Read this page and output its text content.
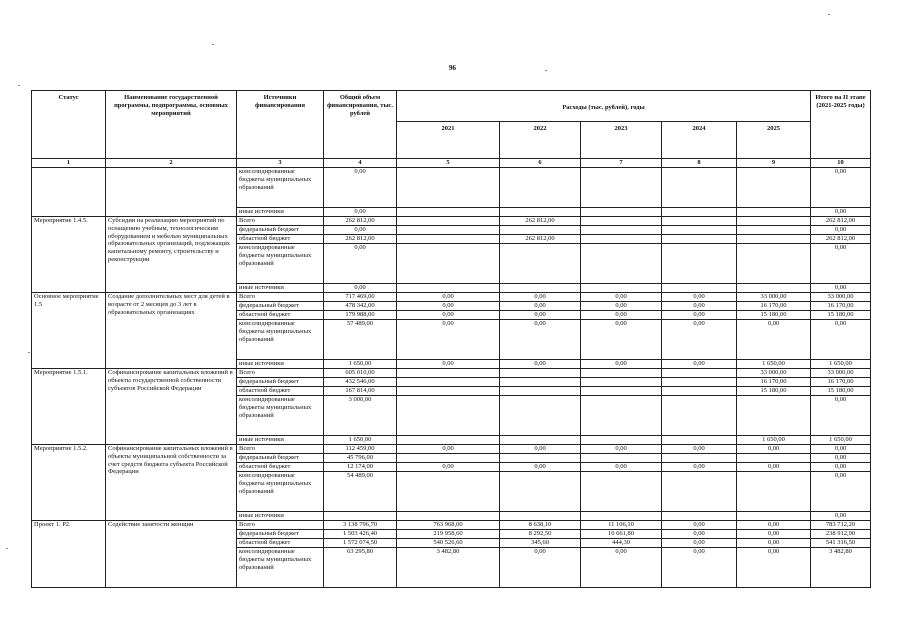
96
Статус	Наименование государственной программы, подпрограммы, основных мероприятий	Источники финансирования	Общий объем финансирования, тыс. рублей	Расходы (тыс. рублей), годы					Итого на II этапе (2021-2025 годы)
				2021	2022	2023	2024	2025	
1	2	3	4	5	6	7	8	9	10
		консолидированные бюджеты муниципальных образований	0,00						0,00
		иные источники	0,00						0,00
Мероприятие 1.4.5.	Субсидии на реализацию мероприятий по оснащению учебным, технологическим оборудованием и мебелью муниципальных образовательных организаций, подлежащих капитальному ремонту, строительству и реконструкции	Всего	262 812,00		262 812,00				262 812,00
		федеральный бюджет	0,00						0,00
		областной бюджет	262 812,00		262 812,00				262 812,00
		консолидированные бюджеты муниципальных образований	0,00						0,00
		иные источники	0,00						0,00
Основное мероприятие 1.5	Создание дополнительных мест для детей в возрасте от 2 месяцев до 3 лет в образовательных организациях	Всего	717 469,00	0,00	0,00	0,00	0,00	33 000,00	33 000,00
		федеральный бюджет	478 342,00	0,00	0,00	0,00	0,00	16 170,00	16 170,00
		областной бюджет	179 988,00	0,00	0,00	0,00	0,00	15 180,00	15 180,00
		консолидированные бюджеты муниципальных образований	57 489,00	0,00	0,00	0,00	0,00	0,00	0,00
		иные источники	1 650,00	0,00	0,00	0,00	0,00	1 650,00	1 650,00
Мероприятие 1.5.1.	Софинансирование капитальных вложений в объекты государственной собственности субъектов Российской Федерации	Всего	605 010,00					33 000,00	33 000,00
		федеральный бюджет	432 546,00					16 170,00	16 170,00
		областной бюджет	167 814,00					15 180,00	15 180,00
		консолидированные бюджеты муниципальных образований	3 000,00						0,00
		иные источники	1 650,00					1 650,00	1 650,00
Мероприятие 1.5.2.	Софинансирование капитальных вложений в объекты муниципальной собственности за счет средств бюджета субъекта Российской Федерации	Всего	112 459,00	0,00	0,00	0,00	0,00	0,00	0,00
		федеральный бюджет	45 796,00						0,00
		областной бюджет	12 174,00	0,00	0,00	0,00	0,00	0,00	0,00
		консолидированные бюджеты муниципальных образований	54 489,00						0,00
		иные источники							0,00
Проект 1. Р2.	Содействие занятости женщин	Всего	3 138 796,70	763 968,00	8 638,10	11 106,10	0,00	0,00	783 712,20
		федеральный бюджет	1 503 426,40	219 958,60	8 292,50	10 661,80	0,00	0,00	238 912,90
		областной бюджет	1 572 074,50	540 526,60	345,60	444,30	0,00	0,00	541 316,50
		консолидированные бюджеты муниципальных образований	63 295,80	3 482,80	0,00	0,00	0,00	0,00	3 482,80
